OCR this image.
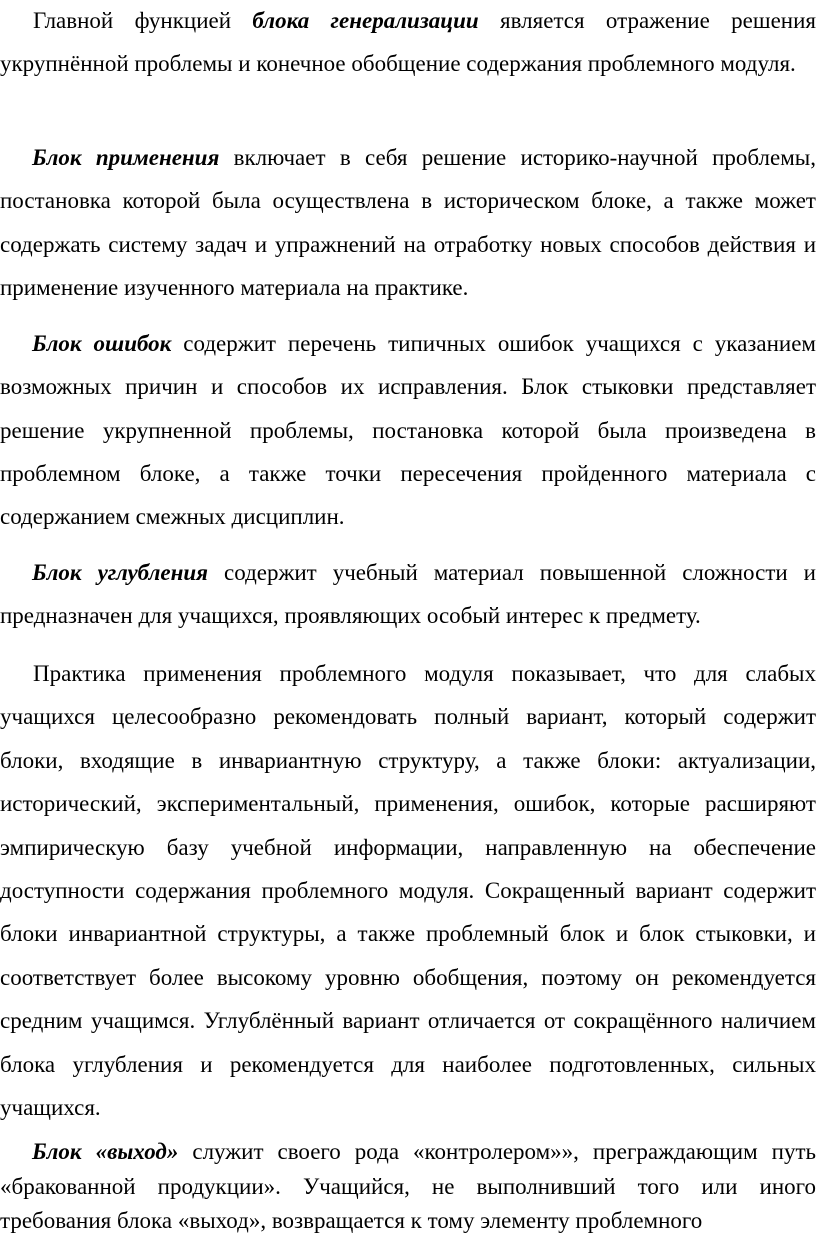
Главной функцией блока генерализации является отражение решения укрупнённой проблемы и конечное обобщение содержания проблемного модуля.

Блок применения включает в себя решение историко-научной проблемы, постановка которой была осуществлена в историческом блоке, а также может содержать систему задач и упражнений на отработку новых способов действия и применение изученного материала на практике.

Блок ошибок содержит перечень типичных ошибок учащихся с указанием возможных причин и способов их исправления. Блок стыковки представляет решение укрупненной проблемы, постановка которой была произведена в проблемном блоке, а также точки пересечения пройденного материала с содержанием смежных дисциплин.

Блок углубления содержит учебный материал повышенной сложности и предназначен для учащихся, проявляющих особый интерес к предмету.

Практика применения проблемного модуля показывает, что для слабых учащихся целесообразно рекомендовать полный вариант, который содержит блоки, входящие в инвариантную структуру, а также блоки: актуализации, исторический, экспериментальный, применения, ошибок, которые расширяют эмпирическую базу учебной информации, направленную на обеспечение доступности содержания проблемного модуля. Сокращенный вариант содержит блоки инвариантной структуры, а также проблемный блок и блок стыковки, и соответствует более высокому уровню обобщения, поэтому он рекомендуется средним учащимся. Углублённый вариант отличается от сокращённого наличием блока углубления и рекомендуется для наиболее подготовленных, сильных учащихся.

Блок «выход» служит своего рода «контролером»», преграждающим путь «бракованной продукции». Учащийся, не выполнивший того или иного требования блока «выход», возвращается к тому элементу проблемного
